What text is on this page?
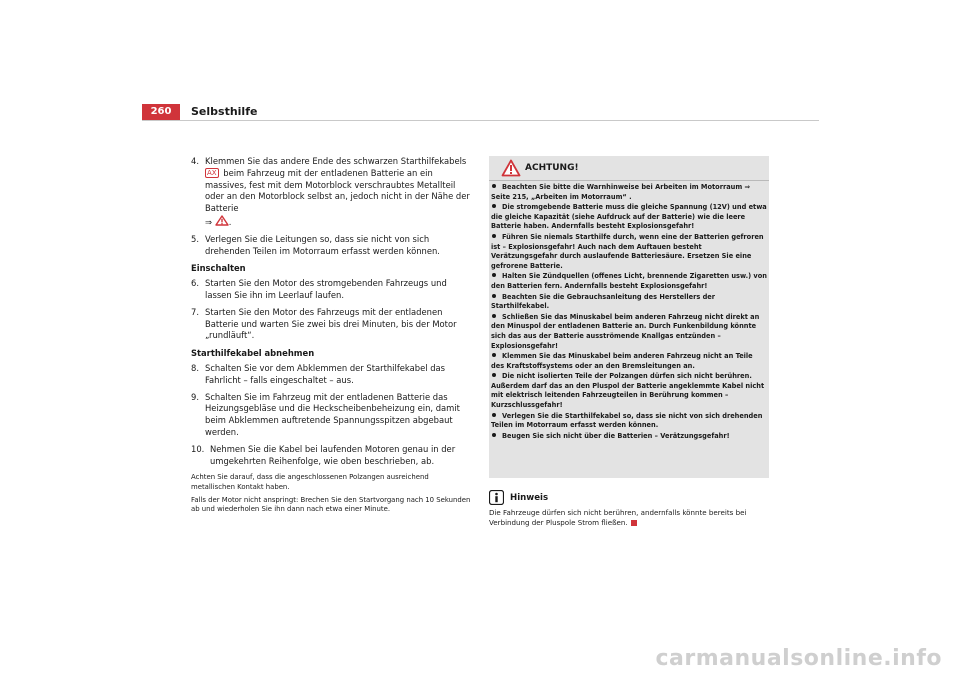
260	Selbsthilfe
4. Klemmen Sie das andere Ende des schwarzen Starthilfekabels AX beim Fahrzeug mit der entladenen Batterie an ein massives, fest mit dem Motorblock verschraubtes Metallteil oder an den Motorblock selbst an, jedoch nicht in der Nähe der Batterie
⇒ .
5. Verlegen Sie die Leitungen so, dass sie nicht von sich drehenden Teilen im Motorraum erfasst werden können.
Einschalten
6. Starten Sie den Motor des stromgebenden Fahrzeugs und lassen Sie ihn im Leerlauf laufen.
7. Starten Sie den Motor des Fahrzeugs mit der entladenen Batterie und warten Sie zwei bis drei Minuten, bis der Motor „rundläuft“.
Starthilfekabel abnehmen
8. Schalten Sie vor dem Abklemmen der Starthilfekabel das Fahrlicht – falls eingeschaltet – aus.
9. Schalten Sie im Fahrzeug mit der entladenen Batterie das Heizungsgebläse und die Heckscheibenbeheizung ein, damit beim Abklemmen auftretende Spannungsspitzen abgebaut werden.
10. Nehmen Sie die Kabel bei laufenden Motoren genau in der umgekehrten Reihenfolge, wie oben beschrieben, ab.

Achten Sie darauf, dass die angeschlossenen Polzangen ausreichend metallischen Kontakt haben.

Falls der Motor nicht anspringt: Brechen Sie den Startvorgang nach 10 Sekunden ab und wiederholen Sie ihn dann nach etwa einer Minute.

ACHTUNG!
Beachten Sie bitte die Warnhinweise bei Arbeiten im Motorraum ⇒ Seite 215, „Arbeiten im Motorraum“ .
Die stromgebende Batterie muss die gleiche Spannung (12V) und etwa die gleiche Kapazität (siehe Aufdruck auf der Batterie) wie die leere Batterie haben. Andernfalls besteht Explosionsgefahr!
Führen Sie niemals Starthilfe durch, wenn eine der Batterien gefroren ist – Explosionsgefahr! Auch nach dem Auftauen besteht Verätzungsgefahr durch auslaufende Batteriesäure. Ersetzen Sie eine gefrorene Batterie.
Halten Sie Zündquellen (offenes Licht, brennende Zigaretten usw.) von den Batterien fern. Andernfalls besteht Explosionsgefahr!
Beachten Sie die Gebrauchsanleitung des Herstellers der Starthilfekabel.
Schließen Sie das Minuskabel beim anderen Fahrzeug nicht direkt an den Minuspol der entladenen Batterie an. Durch Funkenbildung könnte sich das aus der Batterie ausströmende Knallgas entzünden – Explosionsgefahr!
Klemmen Sie das Minuskabel beim anderen Fahrzeug nicht an Teile des Kraftstoffsystems oder an den Bremsleitungen an.
Die nicht isolierten Teile der Polzangen dürfen sich nicht berühren. Außerdem darf das an den Pluspol der Batterie angeklemmte Kabel nicht mit elektrisch leitenden Fahrzeugteilen in Berührung kommen – Kurzschlussgefahr!
Verlegen Sie die Starthilfekabel so, dass sie nicht von sich drehenden Teilen im Motorraum erfasst werden können.
Beugen Sie sich nicht über die Batterien – Verätzungsgefahr!
Hinweis
Die Fahrzeuge dürfen sich nicht berühren, andernfalls könnte bereits bei Verbindung der Pluspole Strom fließen.
carmanualsonline.info
